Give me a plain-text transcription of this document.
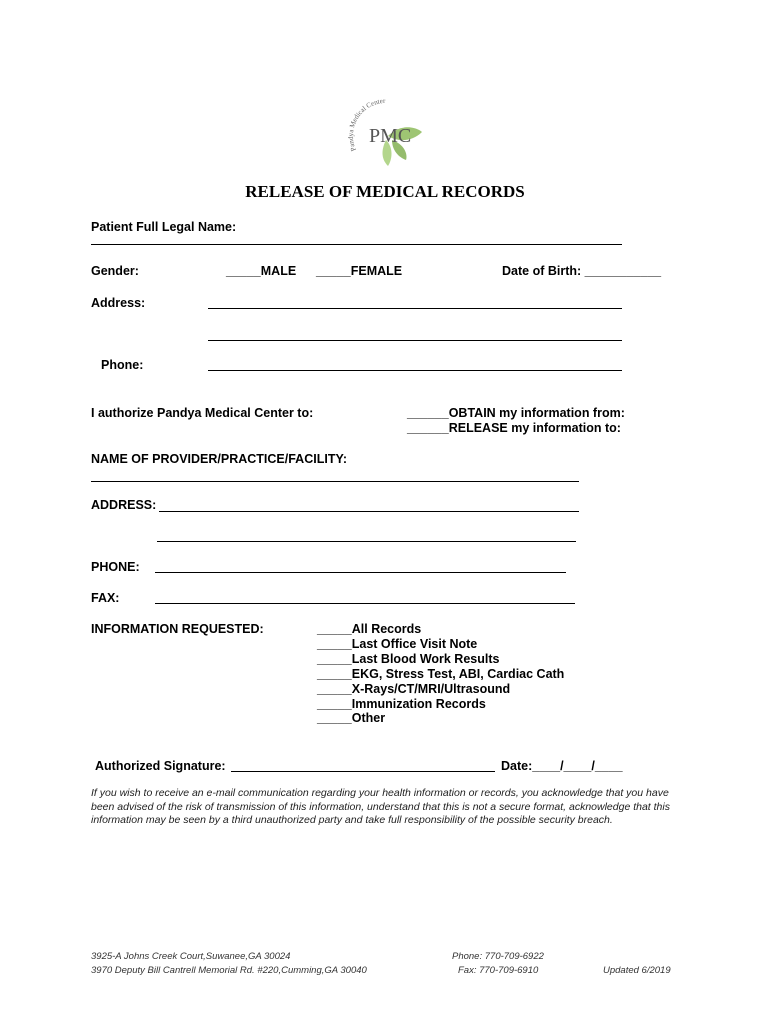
Pandya Medical Center
PMC
RELEASE OF MEDICAL RECORDS
Patient Full Legal Name:
Gender:	_____MALE _____FEMALE	Date of Birth: ___________
Address:
Phone:
I authorize Pandya Medical Center to:	______OBTAIN my information from:
______RELEASE my information to:
NAME OF PROVIDER/PRACTICE/FACILITY:
ADDRESS:
PHONE:
FAX:
INFORMATION REQUESTED:	_____All Records
_____Last Office Visit Note
_____Last Blood Work Results
_____EKG, Stress Test, ABI, Cardiac Cath
_____X-Rays/CT/MRI/Ultrasound
_____Immunization Records
_____Other
Authorized Signature:	Date:____/____/____
If you wish to receive an e-mail communication regarding your health information or records, you acknowledge that you have been advised of the risk of transmission of this information, understand that this is not a secure format, acknowledge that this information may be seen by a third unauthorized party and take full responsibility of the possible security breach.
3925-A Johns Creek Court,Suwanee,GA 30024
3970 Deputy Bill Cantrell Memorial Rd. #220,Cumming,GA 30040
Phone: 770-709-6922
Fax: 770-709-6910	Updated 6/2019
